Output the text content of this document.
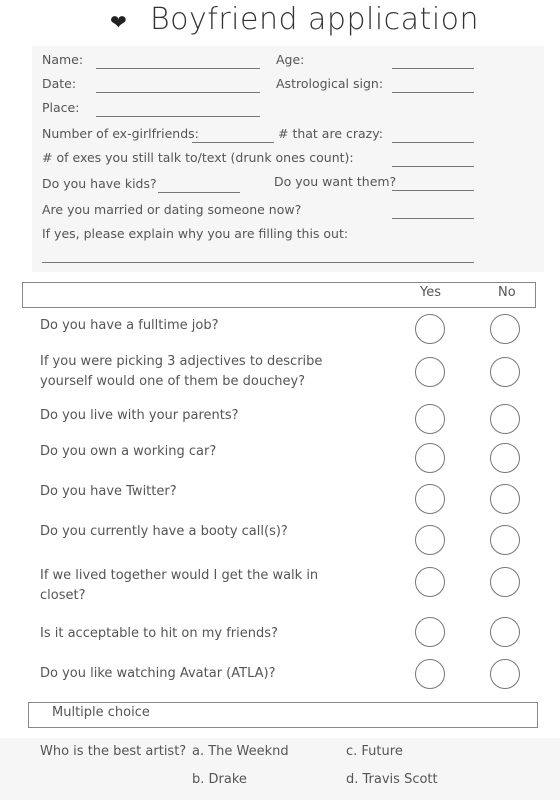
❤ Boyfriend application
Name:	Age:
Date:	Astrological sign:
Place:
Number of ex-girlfriends:	# that are crazy:
# of exes you still talk to/text (drunk ones count):
Do you have kids?	Do you want them?
Are you married or dating someone now?
If yes, please explain why you are filling this out:
Yes	No
Do you have a fulltime job?
If you were picking 3 adjectives to describe yourself would one of them be douchey?
Do you live with your parents?
Do you own a working car?
Do you have Twitter?
Do you currently have a booty call(s)?
If we lived together would I get the walk in closet?
Is it acceptable to hit on my friends?
Do you like watching Avatar (ATLA)?
Multiple choice
Who is the best artist? a. The Weeknd	c. Future
b. Drake	d. Travis Scott
